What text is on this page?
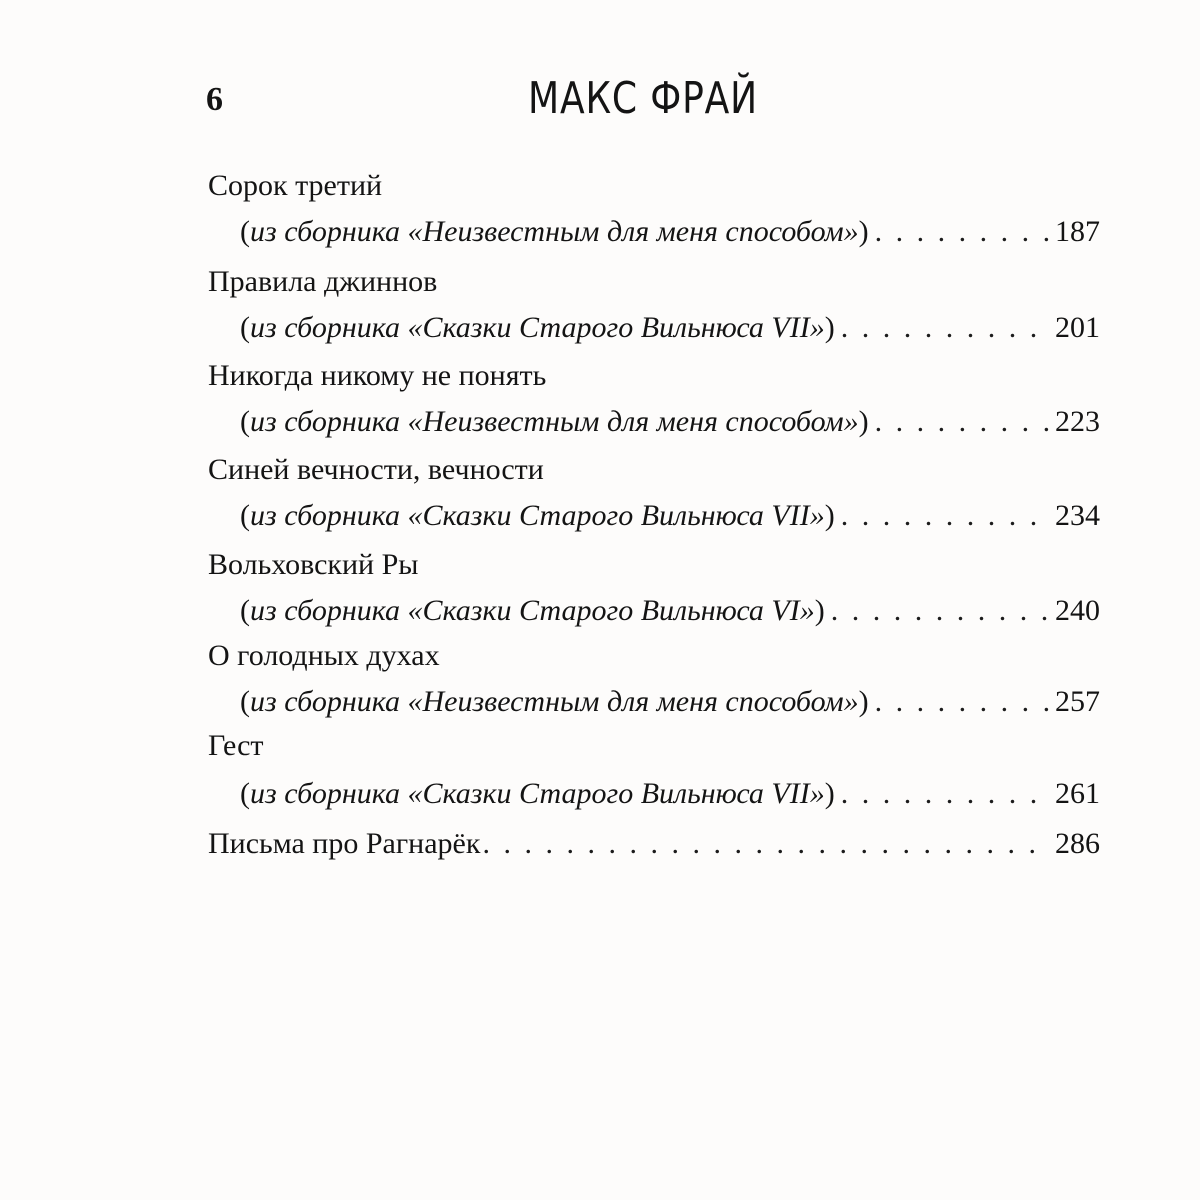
6	МАКС ФРАЙ
Сорок третий
(из сборника «Неизвестным для меня способом») . . .	187
Правила джиннов
(из сборника «Сказки Старого Вильнюса VII») . . .	201
Никогда никому не понять
(из сборника «Неизвестным для меня способом») . . .	223
Синей вечности, вечности
(из сборника «Сказки Старого Вильнюса VII») . . .	234
Вольховский Ры
(из сборника «Сказки Старого Вильнюса VI») . . .	240
О голодных духах
(из сборника «Неизвестным для меня способом») . . .	257
Гест
(из сборника «Сказки Старого Вильнюса VII») . . .	261
Письма про Рагнарёк . . .	286
